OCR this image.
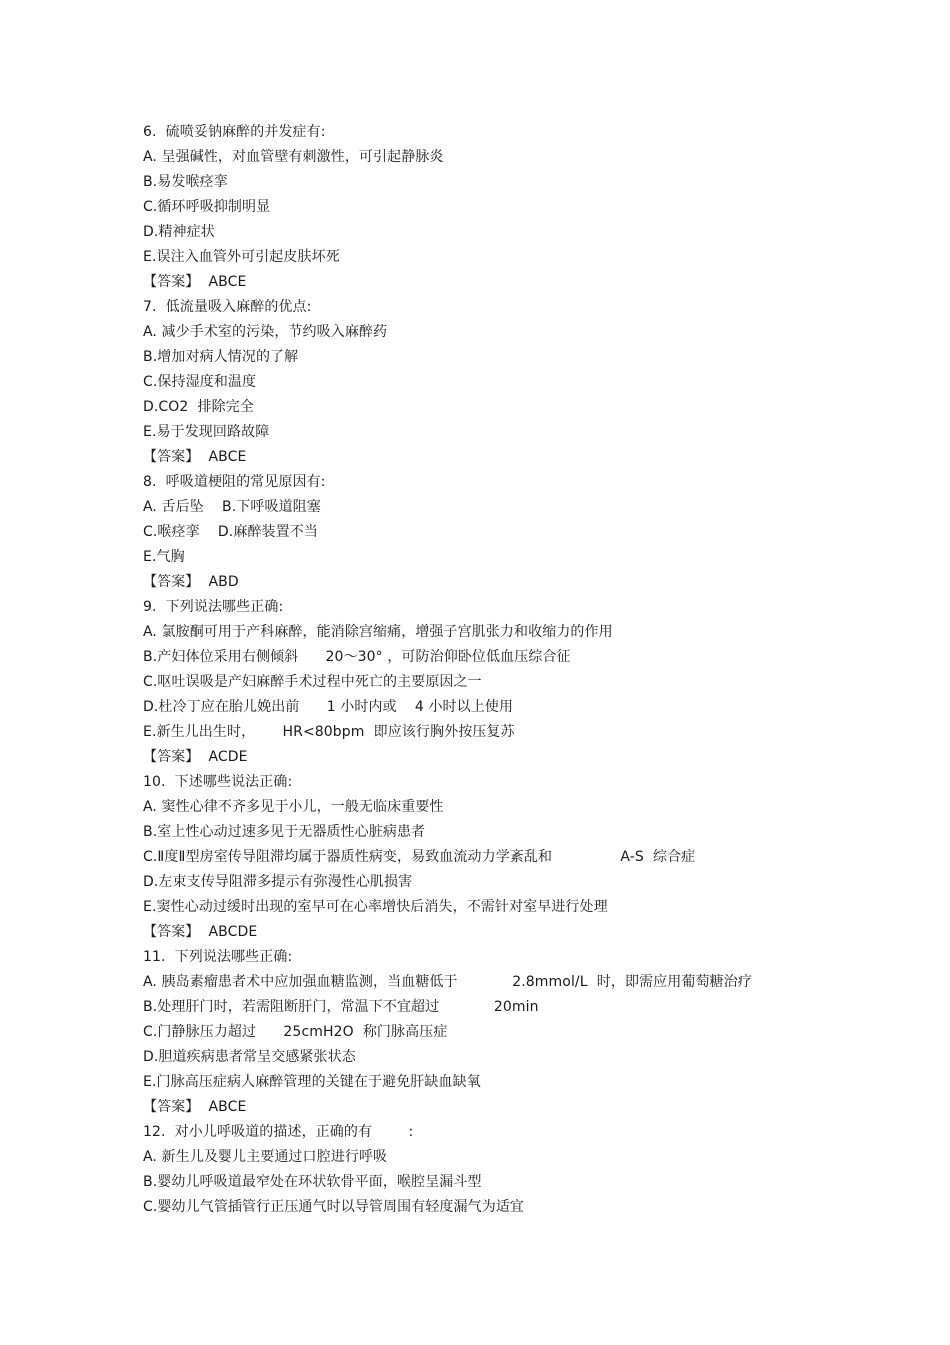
6.  硫喷妥钠麻醉的并发症有:
A. 呈强碱性，对血管壁有刺激性，可引起静脉炎
B.易发喉痉挛
C.循环呼吸抑制明显
D.精神症状
E.误注入血管外可引起皮肤坏死
【答案】  ABCE
7.  低流量吸入麻醉的优点:
A. 减少手术室的污染，节约吸入麻醉药
B.增加对病人情况的了解
C.保持湿度和温度
D.CO2  排除完全
E.易于发现回路故障
【答案】  ABCE
8.  呼吸道梗阻的常见原因有:
A. 舌后坠    B.下呼吸道阻塞
C.喉痉挛    D.麻醉装置不当
E.气胸
【答案】  ABD
9.  下列说法哪些正确:
A. 氯胺酮可用于产科麻醉，能消除宫缩痛，增强子宫肌张力和收缩力的作用
B.产妇体位采用右侧倾斜      20～30° ，可防治仰卧位低血压综合征
C.呕吐误吸是产妇麻醉手术过程中死亡的主要原因之一
D.杜冷丁应在胎儿娩出前      1 小时内或    4 小时以上使用
E.新生儿出生时，      HR<80bpm  即应该行胸外按压复苏
【答案】  ACDE
10.  下述哪些说法正确:
A. 窦性心律不齐多见于小儿，一般无临床重要性
B.室上性心动过速多见于无器质性心脏病患者
C.Ⅱ度Ⅱ型房室传导阻滞均属于器质性病变，易致血流动力学紊乱和               A-S  综合症
D.左束支传导阻滞多提示有弥漫性心肌损害
E.窦性心动过缓时出现的室早可在心率增快后消失，不需针对室早进行处理
【答案】  ABCDE
11.  下列说法哪些正确:
A. 胰岛素瘤患者术中应加强血糖监测，当血糖低于            2.8mmol/L  时，即需应用葡萄糖治疗
B.处理肝门时，若需阻断肝门，常温下不宜超过            20min
C.门静脉压力超过      25cmH2O  称门脉高压症
D.胆道疾病患者常呈交感紧张状态
E.门脉高压症病人麻醉管理的关键在于避免肝缺血缺氧
【答案】  ABCE
12.  对小儿呼吸道的描述，正确的有        :
A. 新生儿及婴儿主要通过口腔进行呼吸
B.婴幼儿呼吸道最窄处在环状软骨平面，喉腔呈漏斗型
C.婴幼儿气管插管行正压通气时以导管周围有轻度漏气为适宜
